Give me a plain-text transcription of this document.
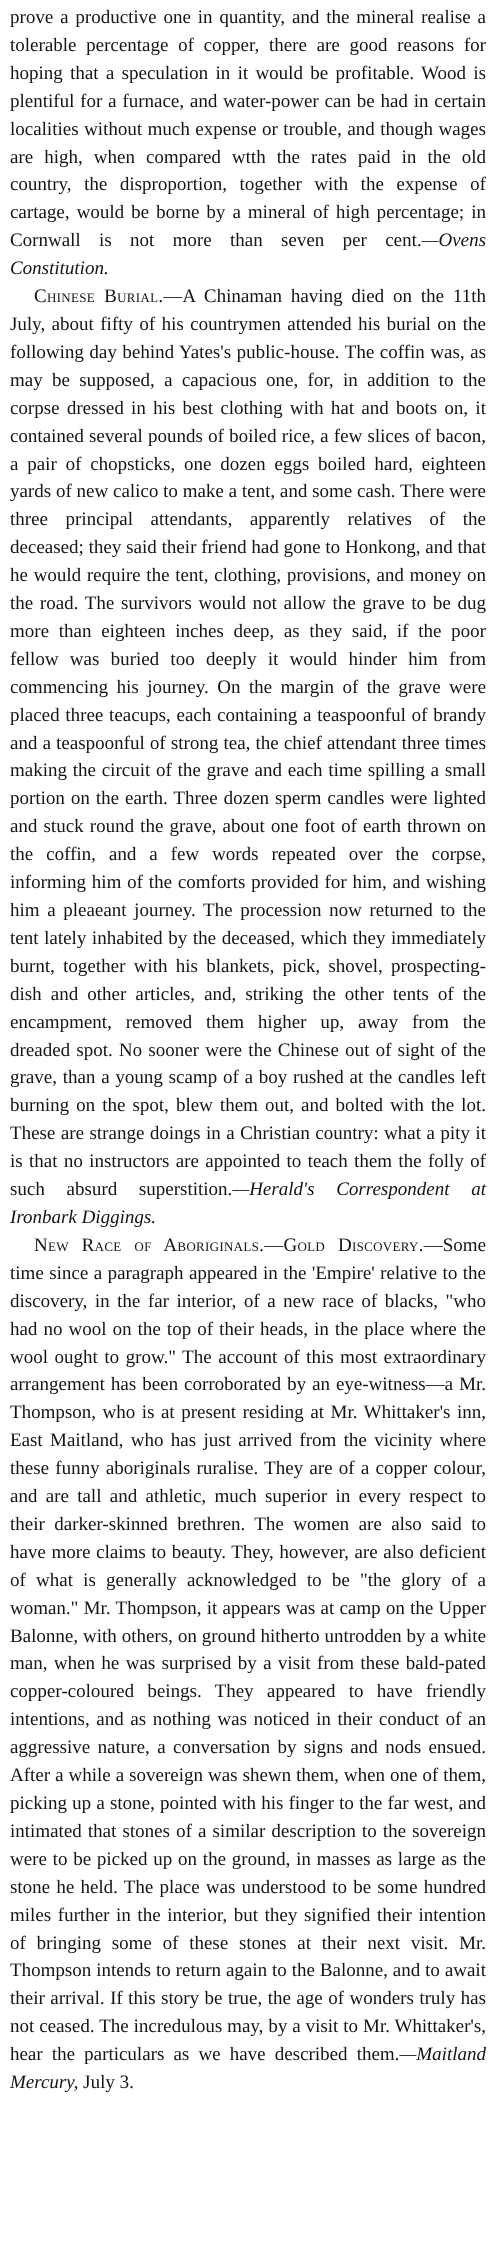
prove a productive one in quantity, and the mineral realise a tolerable percentage of copper, there are good reasons for hoping that a speculation in it would be profitable. Wood is plentiful for a furnace, and water-power can be had in certain localities without much expense or trouble, and though wages are high, when compared wtth the rates paid in the old country, the disproportion, together with the expense of cartage, would be borne by a mineral of high percentage; in Cornwall is not more than seven per cent.—Ovens Constitution.

Chinese Burial.—A Chinaman having died on the 11th July, about fifty of his countrymen attended his burial on the following day behind Yates's public-house. The coffin was, as may be supposed, a capacious one, for, in addition to the corpse dressed in his best clothing with hat and boots on, it contained several pounds of boiled rice, a few slices of bacon, a pair of chopsticks, one dozen eggs boiled hard, eighteen yards of new calico to make a tent, and some cash. There were three principal attendants, apparently relatives of the deceased; they said their friend had gone to Honkong, and that he would require the tent, clothing, provisions, and money on the road. The survivors would not allow the grave to be dug more than eighteen inches deep, as they said, if the poor fellow was buried too deeply it would hinder him from commencing his journey. On the margin of the grave were placed three teacups, each containing a teaspoonful of brandy and a teaspoonful of strong tea, the chief attendant three times making the circuit of the grave and each time spilling a small portion on the earth. Three dozen sperm candles were lighted and stuck round the grave, about one foot of earth thrown on the coffin, and a few words repeated over the corpse, informing him of the comforts provided for him, and wishing him a pleaeant journey. The procession now returned to the tent lately inhabited by the deceased, which they immediately burnt, together with his blankets, pick, shovel, prospecting-dish and other articles, and, striking the other tents of the encampment, removed them higher up, away from the dreaded spot. No sooner were the Chinese out of sight of the grave, than a young scamp of a boy rushed at the candles left burning on the spot, blew them out, and bolted with the lot. These are strange doings in a Christian country: what a pity it is that no instructors are appointed to teach them the folly of such absurd superstition.—Herald's Correspondent at Ironbark Diggings.

New Race of Aboriginals.—Gold Discovery.—Some time since a paragraph appeared in the 'Empire' relative to the discovery, in the far interior, of a new race of blacks, "who had no wool on the top of their heads, in the place where the wool ought to grow." The account of this most extraordinary arrangement has been corroborated by an eye-witness—a Mr. Thompson, who is at present residing at Mr. Whittaker's inn, East Maitland, who has just arrived from the vicinity where these funny aboriginals ruralise. They are of a copper colour, and are tall and athletic, much superior in every respect to their darker-skinned brethren. The women are also said to have more claims to beauty. They, however, are also deficient of what is generally acknowledged to be "the glory of a woman." Mr. Thompson, it appears was at camp on the Upper Balonne, with others, on ground hitherto untrodden by a white man, when he was surprised by a visit from these bald-pated copper-coloured beings. They appeared to have friendly intentions, and as nothing was noticed in their conduct of an aggressive nature, a conversation by signs and nods ensued. After a while a sovereign was shewn them, when one of them, picking up a stone, pointed with his finger to the far west, and intimated that stones of a similar description to the sovereign were to be picked up on the ground, in masses as large as the stone he held. The place was understood to be some hundred miles further in the interior, but they signified their intention of bringing some of these stones at their next visit. Mr. Thompson intends to return again to the Balonne, and to await their arrival. If this story be true, the age of wonders truly has not ceased. The incredulous may, by a visit to Mr. Whittaker's, hear the particulars as we have described them.—Maitland Mercury, July 3.
